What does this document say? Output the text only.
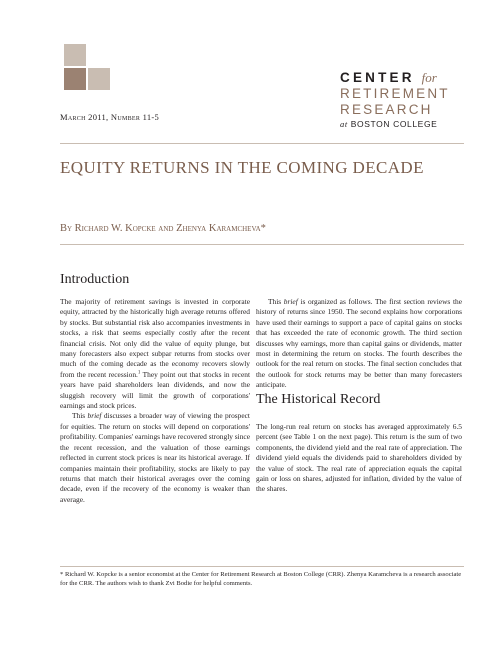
CENTER for
RETIREMENT
RESEARCH
at BOSTON COLLEGE
March 2011, Number 11-5
EQUITY RETURNS IN THE COMING DECADE
By Richard W. Kopcke and Zhenya Karamcheva*
Introduction

The majority of retirement savings is invested in corporate equity, attracted by the historically high average returns offered by stocks. But substantial risk also accompanies investments in stocks, a risk that seems especially costly after the recent financial crisis. Not only did the value of equity plunge, but many forecasters also expect subpar returns from stocks over much of the coming decade as the economy recovers slowly from the recent recession.$^1$ They point out that stocks in recent years have paid shareholders lean dividends, and now the sluggish recovery will limit the growth of corporations' earnings and stock prices.

This brief discusses a broader way of viewing the prospect for equities. The return on stocks will depend on corporations' profitability. Companies' earnings have recovered strongly since the recent recession, and the valuation of those earnings reflected in current stock prices is near its historical average. If companies maintain their profitability, stocks are likely to pay returns that match their historical averages over the coming decade, even if the recovery of the economy is weaker than average.

This brief is organized as follows. The first section reviews the history of returns since 1950. The second explains how corporations have used their earnings to support a pace of capital gains on stocks that has exceeded the rate of economic growth. The third section discusses why earnings, more than capital gains or dividends, matter most in determining the return on stocks. The fourth describes the outlook for the real return on stocks. The final section concludes that the outlook for stock returns may be better than many forecasters anticipate.

The Historical Record

The long-run real return on stocks has averaged approximately 6.5 percent (see Table 1 on the next page). This return is the sum of two components, the dividend yield and the real rate of appreciation. The dividend yield equals the dividends paid to shareholders divided by the value of stock. The real rate of appreciation equals the capital gain or loss on shares, adjusted for inflation, divided by the value of the shares.

* Richard W. Kopcke is a senior economist at the Center for Retirement Research at Boston College (CRR). Zhenya Karamcheva is a research associate for the CRR. The authors wish to thank Zvi Bodie for helpful comments.
